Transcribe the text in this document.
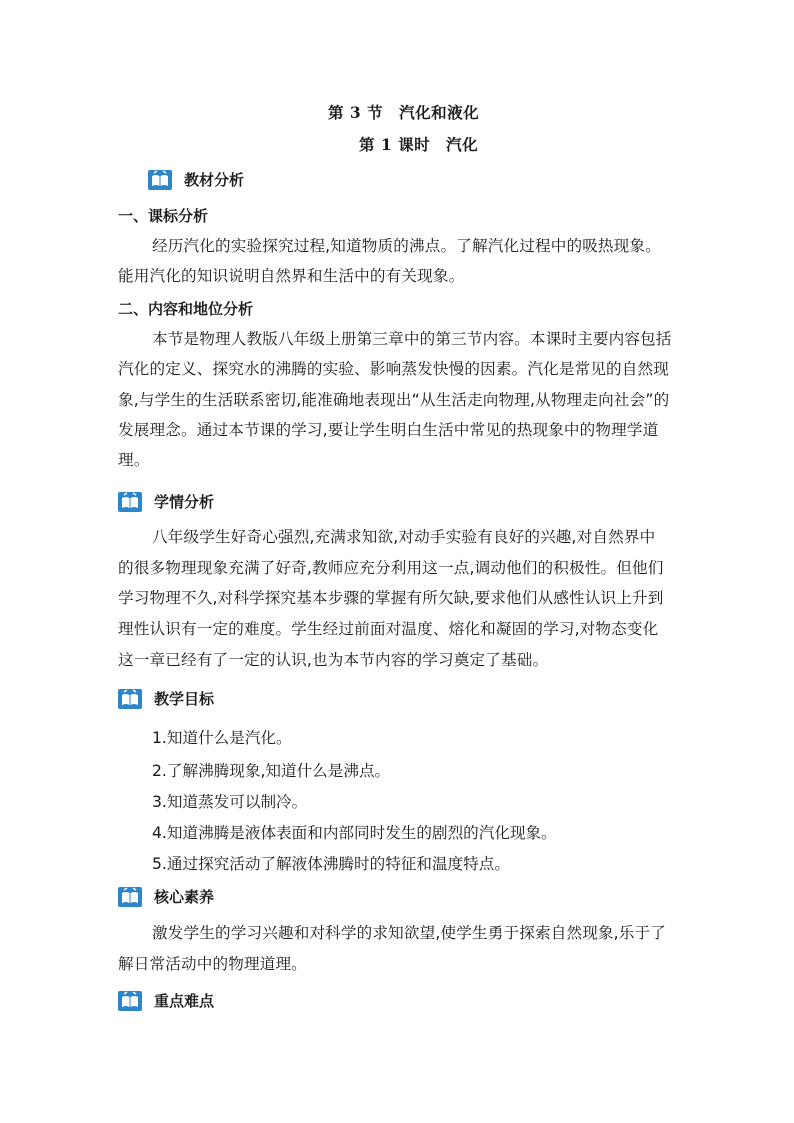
第 3 节　汽化和液化
第 1 课时　汽化
教材分析
一、课标分析
经历汽化的实验探究过程,知道物质的沸点。了解汽化过程中的吸热现象。
能用汽化的知识说明自然界和生活中的有关现象。
二、内容和地位分析
本节是物理人教版八年级上册第三章中的第三节内容。本课时主要内容包括
汽化的定义、探究水的沸腾的实验、影响蒸发快慢的因素。汽化是常见的自然现
象,与学生的生活联系密切,能准确地表现出“从生活走向物理,从物理走向社会”的
发展理念。通过本节课的学习,要让学生明白生活中常见的热现象中的物理学道
理。
学情分析
八年级学生好奇心强烈,充满求知欲,对动手实验有良好的兴趣,对自然界中
的很多物理现象充满了好奇,教师应充分利用这一点,调动他们的积极性。但他们
学习物理不久,对科学探究基本步骤的掌握有所欠缺,要求他们从感性认识上升到
理性认识有一定的难度。学生经过前面对温度、熔化和凝固的学习,对物态变化
这一章已经有了一定的认识,也为本节内容的学习奠定了基础。
教学目标
1.知道什么是汽化。
2.了解沸腾现象,知道什么是沸点。
3.知道蒸发可以制冷。
4.知道沸腾是液体表面和内部同时发生的剧烈的汽化现象。
5.通过探究活动了解液体沸腾时的特征和温度特点。
核心素养
激发学生的学习兴趣和对科学的求知欲望,使学生勇于探索自然现象,乐于了
解日常活动中的物理道理。
重点难点
